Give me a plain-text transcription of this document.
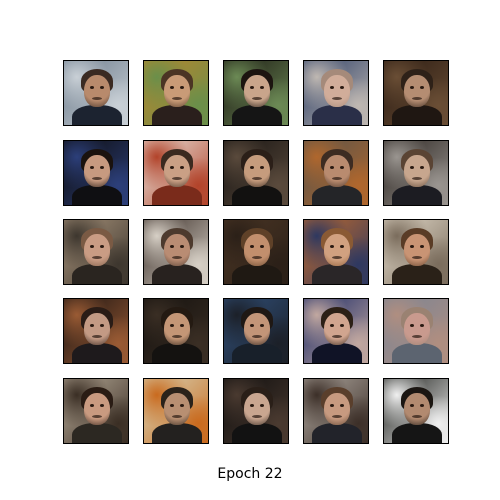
Epoch 22
